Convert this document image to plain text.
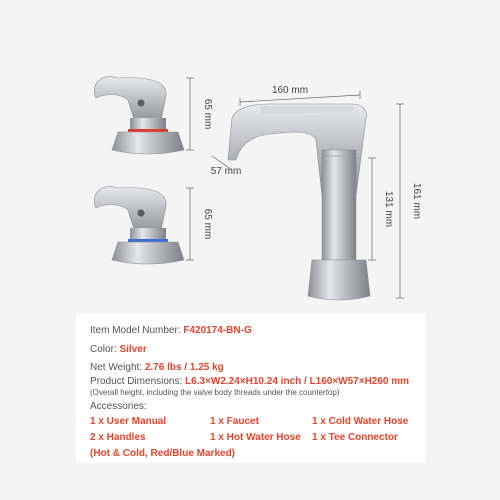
65 mm
65 mm
160 mm
57 mm
161 mm
131 mm
Item Model Number: F420174-BN-G
Color: Silver
Net Weight: 2.76 lbs / 1.25 kg
Product Dimensions: L6.3×W2.24×H10.24 inch / L160×W57×H260 mm
(Overall height, including the valve body threads under the countertop)
Accessories:
1 x User Manual	1 x Faucet	1 x Cold Water Hose
2 x Handles	1 x Hot Water Hose 1 x Tee Connector
(Hot & Cold, Red/Blue Marked)
